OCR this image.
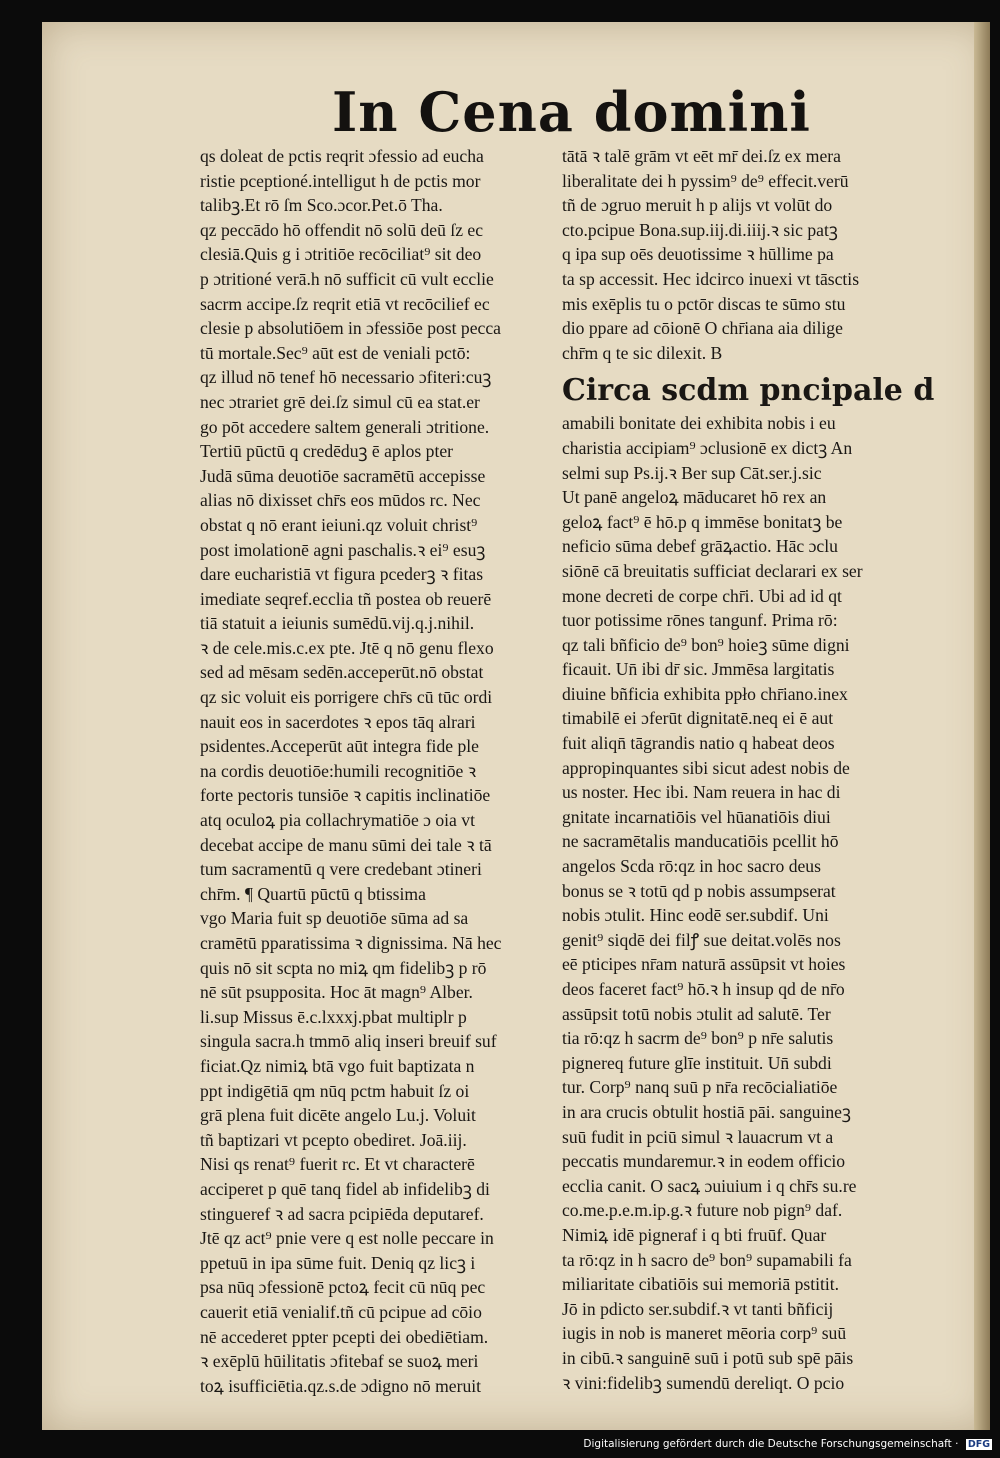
In Cena domini
qs doleat de pctis reqrit ɔfessio ad eucha
ristie pceptioné.intelligut h de pctis mor
talibꝫ.Et rō ſm Sco.ɔcor.Pet.ō Tha.
qz peccādo hō offendit nō solū deū ſz ec
clesiā.Quis g i ɔtritiōe recōciliat⁹ sit deo
p ɔtritioné verā.h nō sufficit cū vult ecclie
sacrm accipe.ſz reqrit etiā vt recōcilief ec
clesie p absolutiōem in ɔfessiōe post pecca
tū mortale.Sec⁹ aūt est de veniali pctō:
qz illud nō tenef hō necessario ɔfiteri:cuꝫ
nec ɔtrariet grē dei.ſz simul cū ea stat.er
go pōt accedere saltem generali ɔtritione.
Tertiū pūctū q credēduꝫ ē aplos pter
Judā sūma deuotiōe sacramētū accepisse
alias nō dixisset chr̄s eos mūdos rc. Nec
obstat q nō erant ieiuni.qz voluit christ⁹
post imolationē agni paschalis.ꝛ ei⁹ esuꝫ
dare eucharistiā vt figura pcederꝫ ꝛ fitas
imediate seqref.ecclia tñ postea ob reuerē
tiā statuit a ieiunis sumēdū.vij.q.j.nihil.
ꝛ de cele.mis.c.ex pte. Jtē q nō genu flexo
sed ad mēsam sedēn.acceperūt.nō obstat
qz sic voluit eis porrigere chr̄s cū tūc ordi
nauit eos in sacerdotes ꝛ epos tāq alrari
psidentes.Acceperūt aūt integra fide ple
na cordis deuotiōe:humili recognitiōe ꝛ
forte pectoris tunsiōe ꝛ capitis inclinatiōe
atq oculoꝝ pia collachrymatiōe ɔ oia vt
decebat accipe de manu sūmi dei tale ꝛ tā
tum sacramentū q vere credebant ɔtineri
chr̄m. ¶ Quartū pūctū q btissima
vgo Maria fuit sp deuotiōe sūma ad sa
cramētū pparatissima ꝛ dignissima. Nā hec
quis nō sit scpta no miꝝ qm fidelibꝫ p rō
nē sūt psupposita. Hoc āt magn⁹ Alber.
li.sup Missus ē.c.lxxxj.pbat multiplr p
singula sacra.h tmmō aliq inseri breuif suf
ficiat.Qz nimiꝝ btā vgo fuit baptizata n
ppt indigētiā qm nūq pctm habuit ſz oi
grā plena fuit dicēte angelo Lu.j. Voluit
tñ baptizari vt pcepto obediret. Joā.iij.
Nisi qs renat⁹ fuerit rc. Et vt characterē
acciperet p quē tanq fidel ab infidelibꝫ di
stingueref ꝛ ad sacra pcipiēda deputaref.
Jtē qz act⁹ pnie vere q est nolle peccare in
ppetuū in ipa sūme fuit. Deniq qz licꝫ i
psa nūq ɔfessionē pctoꝝ fecit cū nūq pec
cauerit etiā venialif.tñ cū pcipue ad cōio
nē accederet ppter pcepti dei obediētiam.
ꝛ exēplū hūilitatis ɔfitebaf se suoꝝ meri
toꝝ isufficiētia.qz.s.de ɔdigno nō meruit
tātā ꝛ talē grām vt eēt mr̄ dei.ſz ex mera
liberalitate dei h pyssim⁹ de⁹ effecit.verū
tñ de ɔgruo meruit h p alijs vt volūt do
cto.pcipue Bona.sup.iij.di.iiij.ꝛ sic patꝫ
q ipa sup oēs deuotissime ꝛ hūllime pa
ta sp accessit. Hec idcirco inuexi vt tāsctis
mis exēplis tu o pctōr discas te sūmo stu
dio ppare ad cōionē O chr̄iana aia dilige
chr̄m q te sic dilexit. B
Circa scdm pncipale d
amabili bonitate dei exhibita nobis i eu
charistia accipiam⁹ ɔclusionē ex dictꝫ An
selmi sup Ps.ij.ꝛ Ber sup Cāt.ser.j.sic
Ut panē angeloꝝ māducaret hō rex an
geloꝝ fact⁹ ē hō.p q immēse bonitatꝫ be
neficio sūma debef grāꝝactio. Hāc ɔclu
siōnē cā breuitatis sufficiat declarari ex ser
mone decreti de corpe chr̄i. Ubi ad id qt
tuor potissime rōnes tangunf. Prima rō:
qz tali bñficio de⁹ bon⁹ hoieꝫ sūme digni
ficauit. Un̄ ibi dr̄ sic. Jmmēsa largitatis
diuine bñficia exhibita ppło chr̄iano.inex
timabilē ei ɔferūt dignitatē.neq ei ē aut
fuit aliqn̄ tāgrandis natio q habeat deos
appropinquantes sibi sicut adest nobis de
us noster. Hec ibi. Nam reuera in hac di
gnitate incarnatiōis vel hūanatiōis diui
ne sacramētalis manducatiōis pcellit hō
angelos Scda rō:qz in hoc sacro deus
bonus se ꝛ totū qd p nobis assumpserat
nobis ɔtulit. Hinc eodē ser.subdif. Uni
genit⁹ siqdē dei filꝭ sue deitat.volēs nos
eē pticipes nr̄am naturā assūpsit vt hoies
deos faceret fact⁹ hō.ꝛ h insup qd de nr̄o
assūpsit totū nobis ɔtulit ad salutē. Ter
tia rō:qz h sacrm de⁹ bon⁹ p nr̄e salutis
pignereq future glīe instituit. Un̄ subdi
tur. Corp⁹ nanq suū p nr̄a recōcialiatiōe
in ara crucis obtulit hostiā pāi. sanguineꝫ
suū fudit in pciū simul ꝛ lauacrum vt a
peccatis mundaremur.ꝛ in eodem officio
ecclia canit. O sacꝝ ɔuiuium i q chr̄s su.re
co.me.p.e.m.ip.g.ꝛ future nob pign⁹ daf.
Nimiꝝ idē pigneraf i q bti fruūf. Quar
ta rō:qz in h sacro de⁹ bon⁹ supamabili fa
miliaritate cibatiōis sui memoriā pstitit.
Jō in pdicto ser.subdif.ꝛ vt tanti bñficij
iugis in nob is maneret mēoria corp⁹ suū
in cibū.ꝛ sanguinē suū i potū sub spē pāis
ꝛ vini:fidelibꝫ sumendū dereliqt. O pcio
Digitalisierung gefördert durch die Deutsche Forschungsgemeinschaft · DFG
